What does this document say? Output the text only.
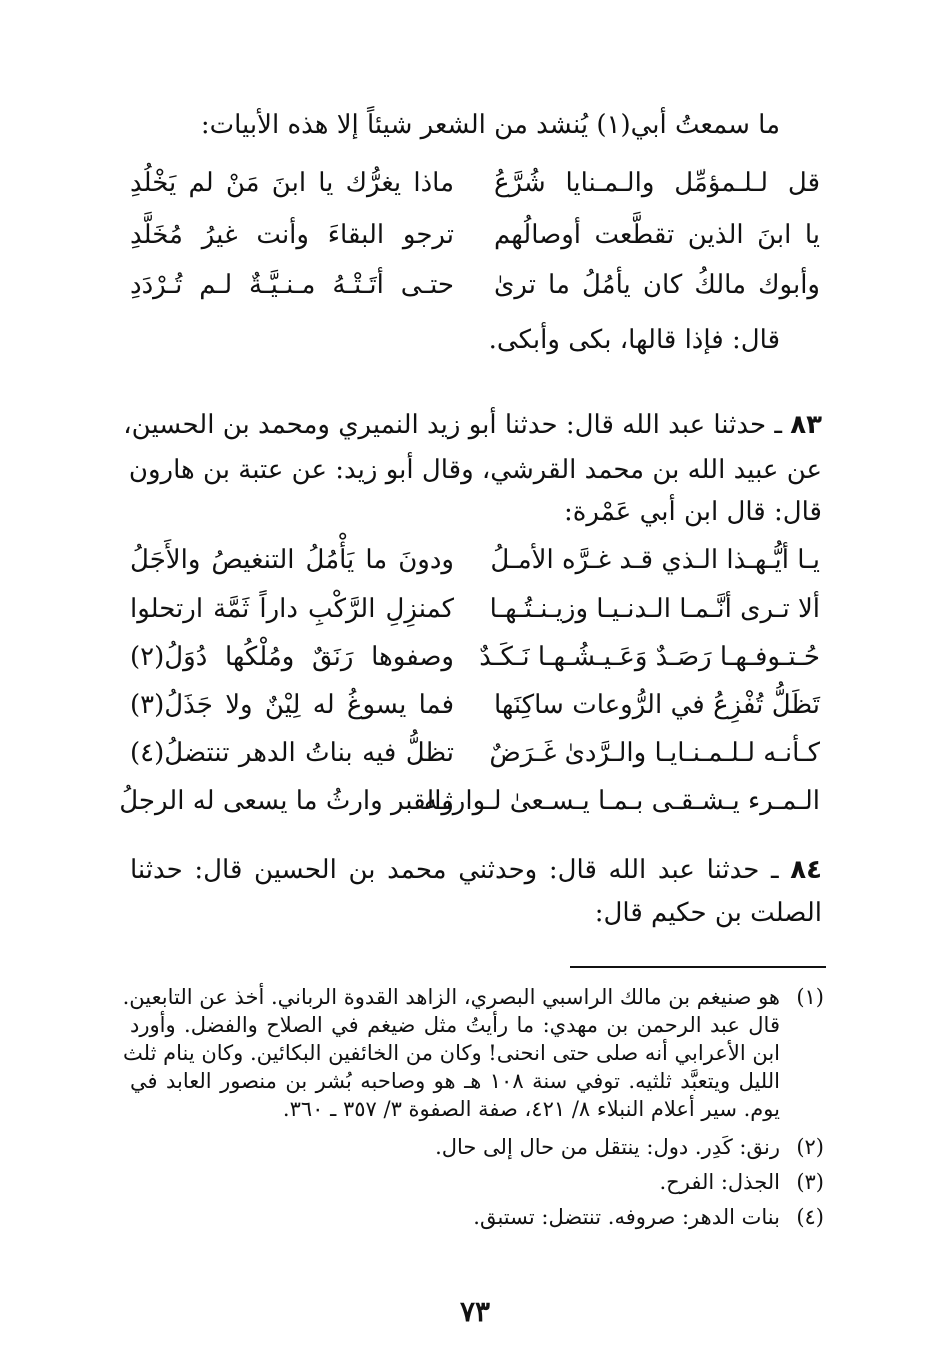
ما سمعتُ أبي(١) يُنشد من الشعر شيئاً إلا هذه الأبيات:
قل لـلـمؤمِّل والـمـنايا شُرَّعُ
ماذا يغرُّك يا ابنَ مَنْ لم يَخْلُدِ
يا ابنَ الذين تقطَّعت أوصالُهم
ترجو البقاءَ وأنت غيرُ مُخَلَّدِ
وأبوك مالكُ كان يأمُلُ ما ترىٰ
حتـى أتَـتْـهُ مـنـيَّـةٌ لـم تُـرْدَدِ
قال: فإذا قالها، بكى وأبكى.
٨٣ ـ حدثنا عبد الله قال: حدثنا أبو زيد النميري ومحمد بن الحسين،
عن عبيد الله بن محمد القرشي، وقال أبو زيد: عن عتبة بن هارون
قال: قال ابن أبي عَمْرة:
يـا أيُّـهـذا الـذي قـد غـرَّه الأمـلُ
ودونَ ما يَأْمُلُ التنغيصُ والأَجَلُ
ألا تـرى أنَّـمـا الـدنـيـا وزيـنـتُـهـا
كمنزِلِ الرَّكْبِ داراً ثَمَّة ارتحلوا
حُـتـوفـهـا رَصَـدٌ وَعَـيـشُـهـا نَـكَـدٌ
وصفوها رَنَقٌ ومُلْكُها دُوَلُ(٢)
تَظَلُّ تُفْزِعُ في الرُّوعات ساكِنَها
فما يسوغُ له لِيْنٌ ولا جَذَلُ(٣)
كـأنـه لـلـمـنـايـا والـرَّدىٰ غَـرَضٌ
تظلُّ فيه بناتُ الدهر تنتضلُ(٤)
الـمـرء يـشـقـى بـمـا يـسـعىٰ لـوارثـه
والقبر وارثُ ما يسعى له الرجلُ
٨٤ ـ حدثنا عبد الله قال: وحدثني محمد بن الحسين قال: حدثنا
الصلت بن حكيم قال:
(١)
هو صنيغم بن مالك الراسبي البصري، الزاهد القدوة الرباني. أخذ عن التابعين.
قال عبد الرحمن بن مهدي: ما رأيتُ مثل ضيغم في الصلاح والفضل. وأورد
ابن الأعرابي أنه صلى حتى انحنى! وكان من الخائفين البكائين. وكان ينام ثلث
الليل ويتعبَّد ثلثيه. توفي سنة ١٠٨ هـ هو وصاحبه بُشر بن منصور العابد في
يوم. سير أعلام النبلاء ٨/ ٤٢١، صفة الصفوة ٣/ ٣٥٧ ـ ٣٦٠.
(٢)
رنق: كَدِر. دول: ينتقل من حال إلى حال.
(٣)
الجذل: الفرح.
(٤)
بنات الدهر: صروفه. تنتضل: تستبق.
٧٣
